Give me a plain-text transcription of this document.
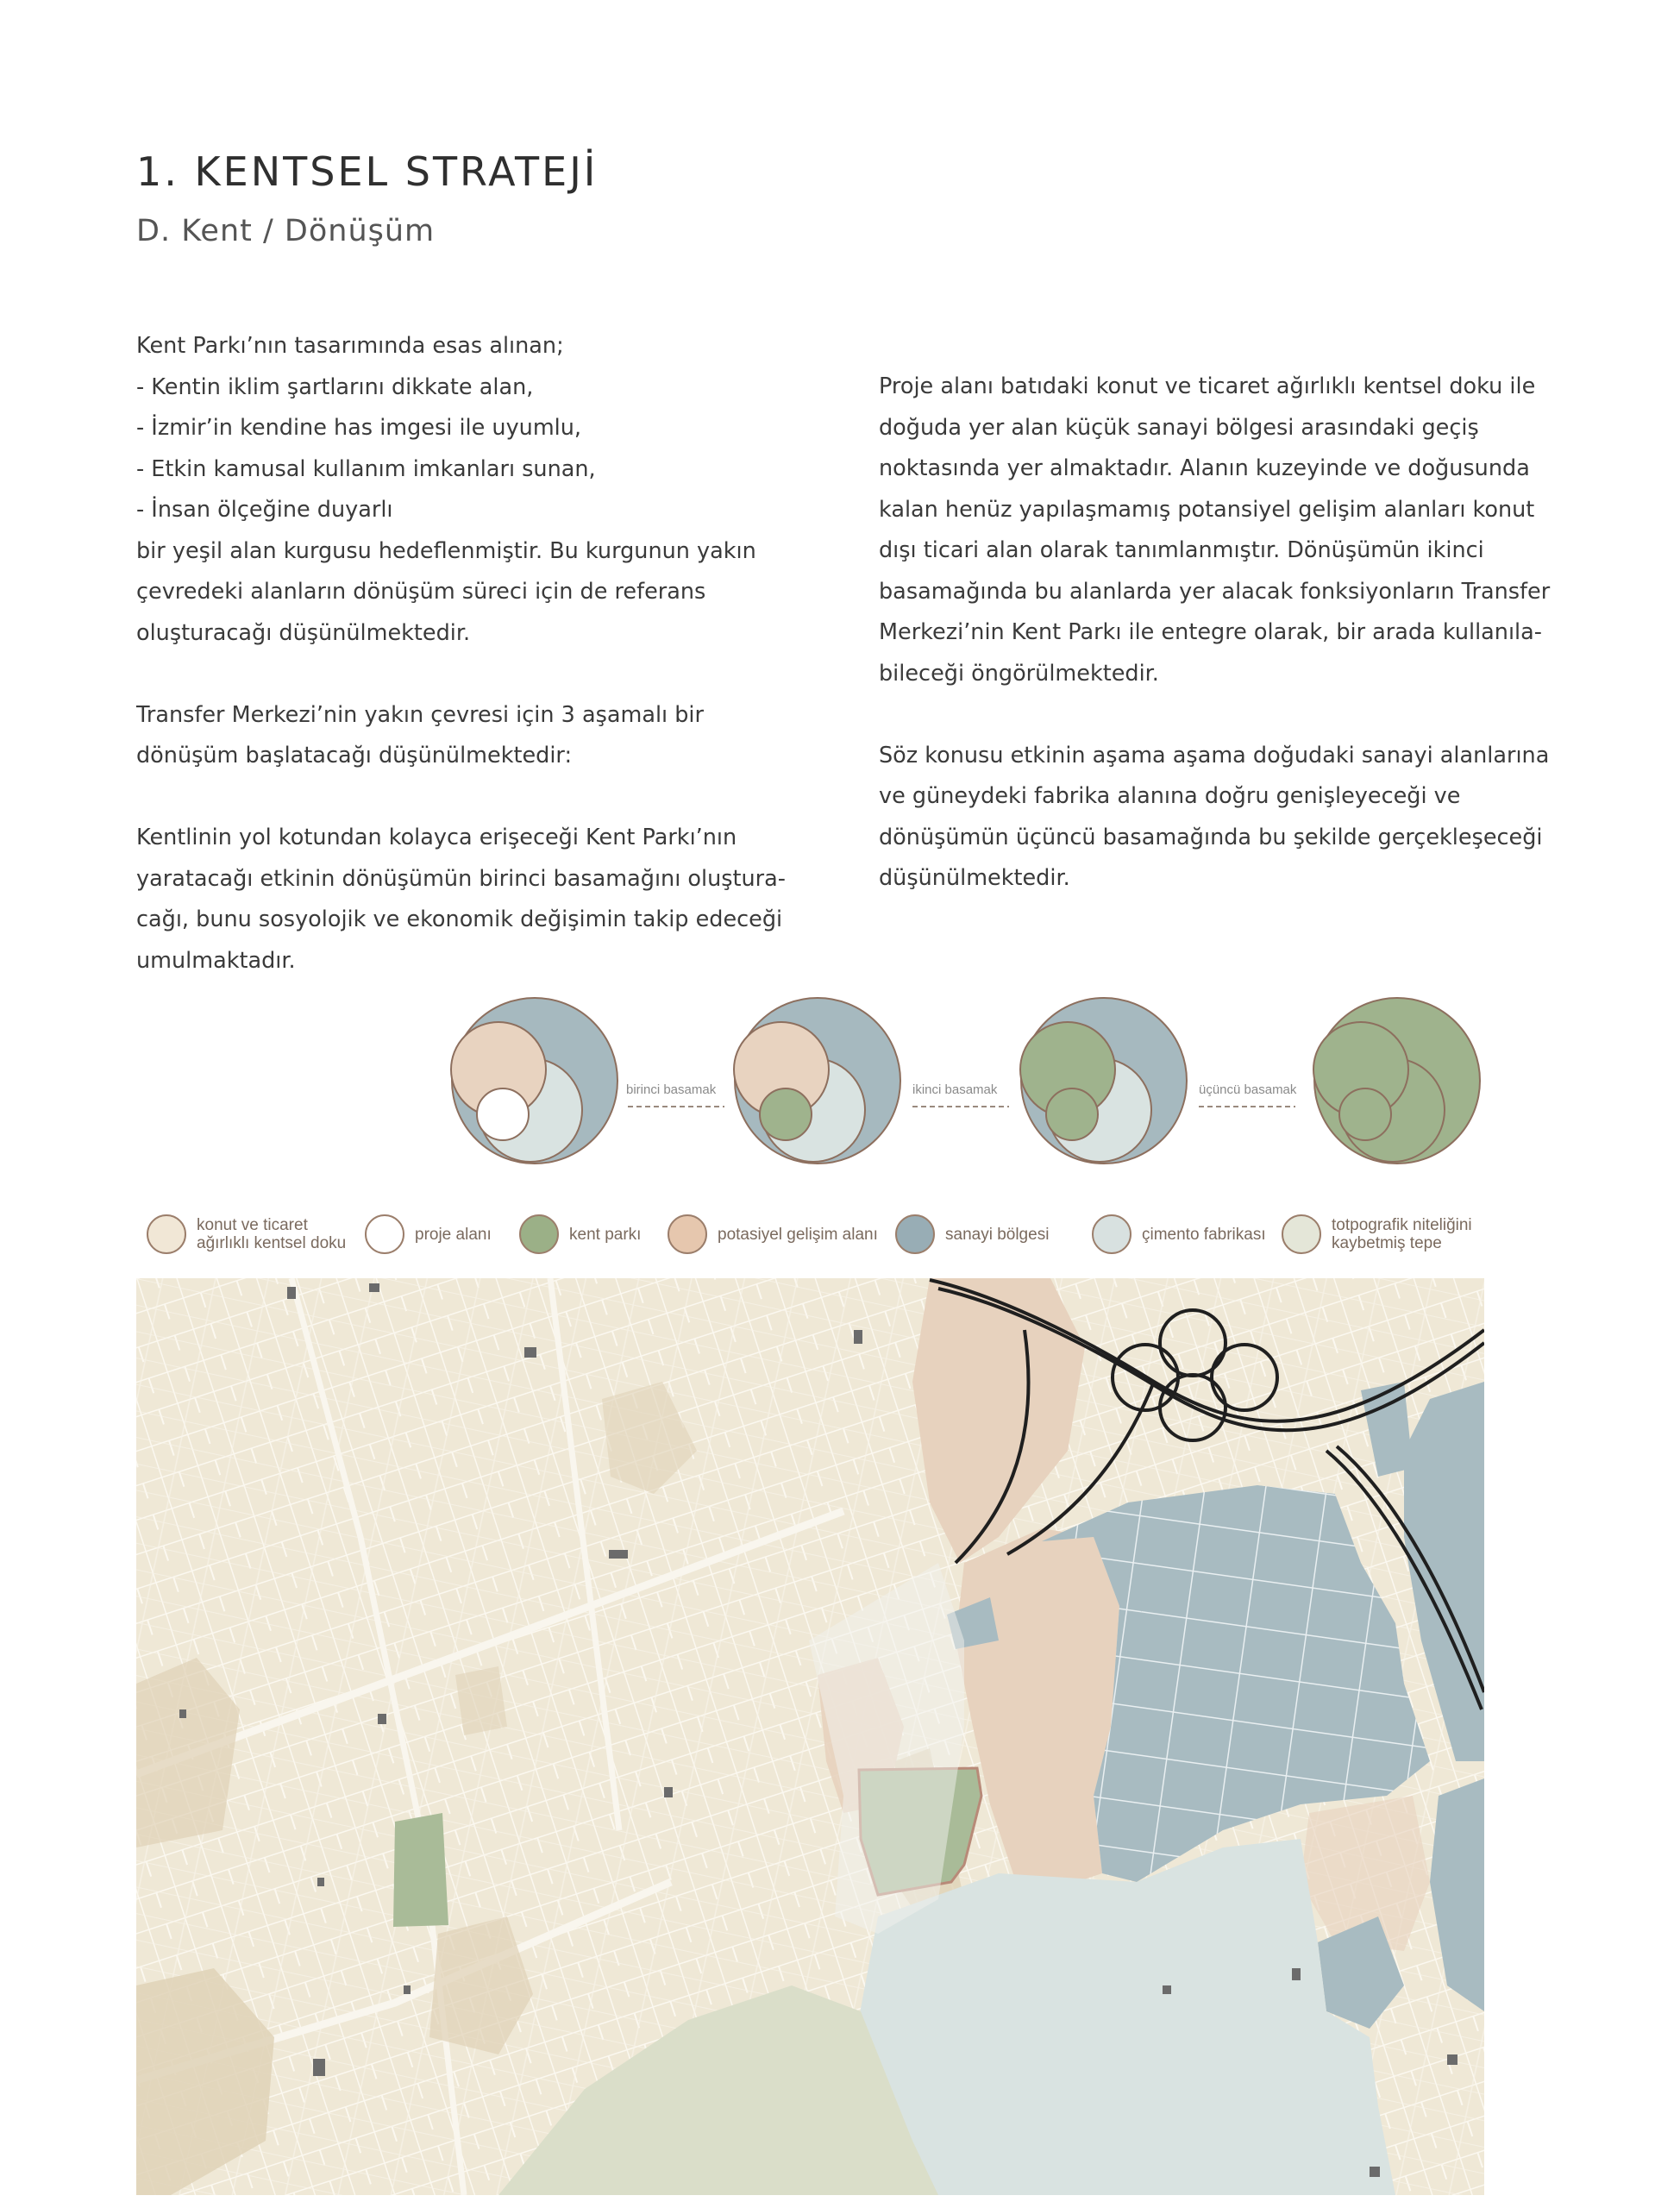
1. KENTSEL STRATEJİ
D. Kent / Dönüşüm
Kent Parkı’nın tasarımında esas alınan;
- Kentin iklim şartlarını dikkate alan,
- İzmir’in kendine has imgesi ile uyumlu,
- Etkin kamusal kullanım imkanları sunan,
- İnsan ölçeğine duyarlı
bir yeşil alan kurgusu hedeflenmiştir. Bu kurgunun yakın
çevredeki alanların dönüşüm süreci için de referans
oluşturacağı düşünülmektedir.
Transfer Merkezi’nin yakın çevresi için 3 aşamalı bir
dönüşüm başlatacağı düşünülmektedir:
Kentlinin yol kotundan kolayca erişeceği Kent Parkı’nın
yaratacağı etkinin dönüşümün birinci basamağını oluştura-
cağı, bunu sosyolojik ve ekonomik değişimin takip edeceği
umulmaktadır.
Proje alanı batıdaki konut ve ticaret ağırlıklı kentsel doku ile
doğuda yer alan küçük sanayi bölgesi arasındaki geçiş
noktasında yer almaktadır. Alanın kuzeyinde ve doğusunda
kalan henüz yapılaşmamış potansiyel gelişim alanları konut
dışı ticari alan olarak tanımlanmıştır. Dönüşümün ikinci
basamağında bu alanlarda yer alacak fonksiyonların Transfer
Merkezi’nin Kent Parkı ile entegre olarak, bir arada kullanıla-
bileceği öngörülmektedir.
Söz konusu etkinin aşama aşama doğudaki sanayi alanlarına
ve güneydeki fabrika alanına doğru genişleyeceği ve
dönüşümün üçüncü basamağında bu şekilde gerçekleşeceği
düşünülmektedir.
birinci basamak	ikinci basamak	üçüncü basamak
konut ve ticaret
ağırlıklı kentsel doku	proje alanı	kent parkı	potasiyel gelişim alanı	sanayi bölgesi	çimento fabrikası	totpografik niteliğini
kaybetmiş tepe
